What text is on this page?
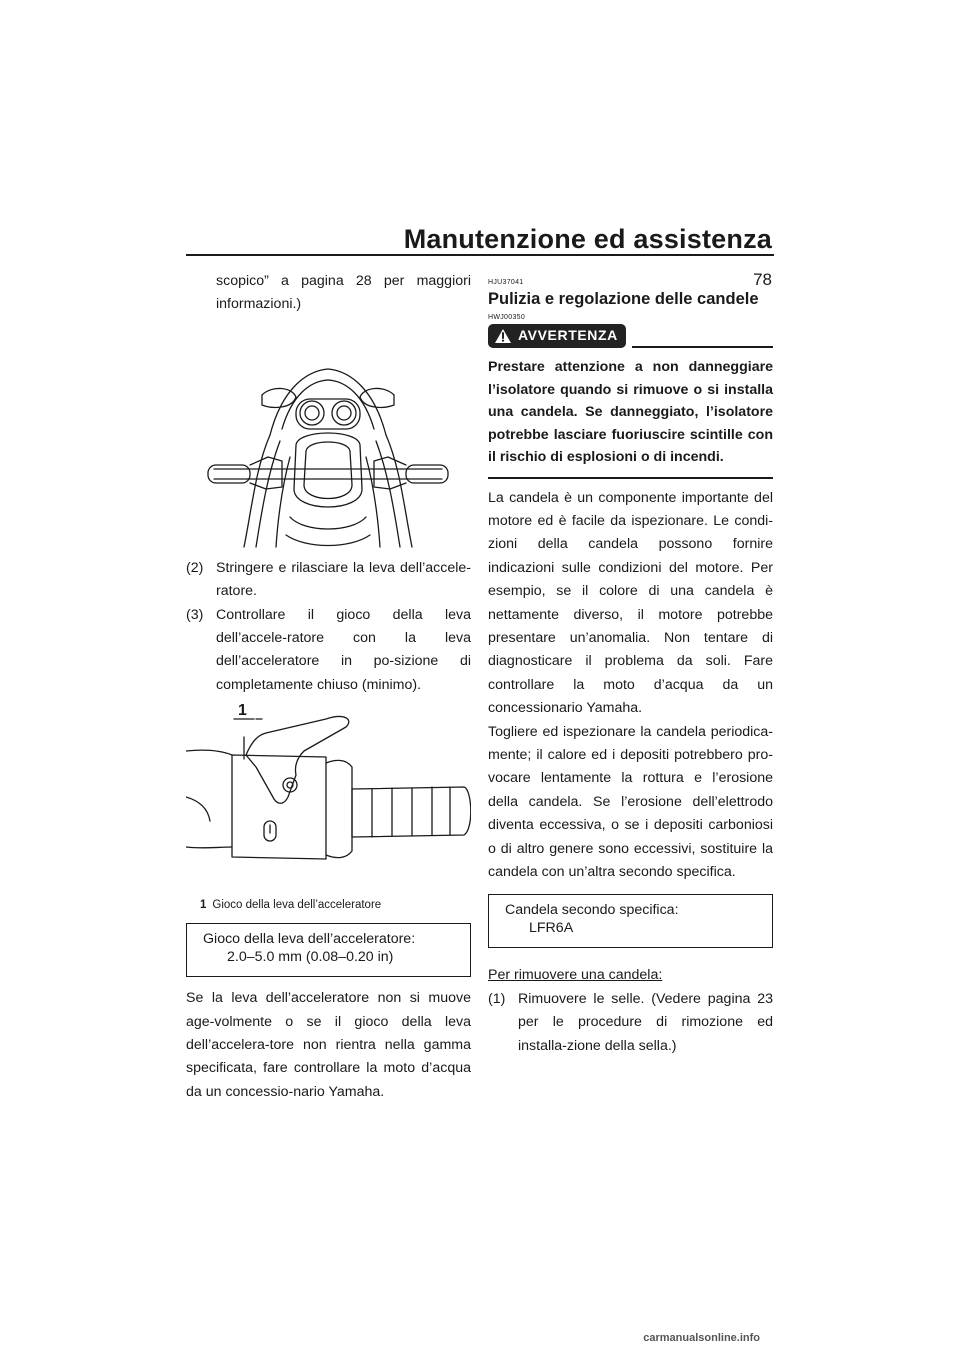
Manutenzione ed assistenza
78

scopico” a pagina 28 per maggiori informazioni.)

(2) Stringere e rilasciare la leva dell’accele-ratore.
(3) Controllare il gioco della leva dell’accele-ratore con la leva dell’acceleratore in po-sizione di completamente chiuso (minimo).
1

1 Gioco della leva dell’acceleratore

Gioco della leva dell’acceleratore:
2.0–5.0 mm (0.08–0.20 in)

Se la leva dell’acceleratore non si muove age-volmente o se il gioco della leva dell’accelera-tore non rientra nella gamma specificata, fare controllare la moto d’acqua da un concessio-nario Yamaha.

HJU37041

Pulizia e regolazione delle candele

HWJ00350

AVVERTENZA

Prestare attenzione a non danneggiare l’isolatore quando si rimuove o si installa una candela. Se danneggiato, l’isolatore potrebbe lasciare fuoriuscire scintille con il rischio di esplosioni o di incendi.

La candela è un componente importante del motore ed è facile da ispezionare. Le condi-zioni della candela possono fornire indicazioni sulle condizioni del motore. Per esempio, se il colore di una candela è nettamente diverso, il motore potrebbe presentare un’anomalia. Non tentare di diagnosticare il problema da soli. Fare controllare la moto d’acqua da un concessionario Yamaha.

Togliere ed ispezionare la candela periodica-mente; il calore ed i depositi potrebbero pro-vocare lentamente la rottura e l’erosione della candela. Se l’erosione dell’elettrodo diventa eccessiva, o se i depositi carboniosi o di altro genere sono eccessivi, sostituire la candela con un’altra secondo specifica.

Candela secondo specifica:
LFR6A

Per rimuovere una candela:

(1) Rimuovere le selle. (Vedere pagina 23 per le procedure di rimozione ed installa-zione della sella.)
carmanualsonline.info
